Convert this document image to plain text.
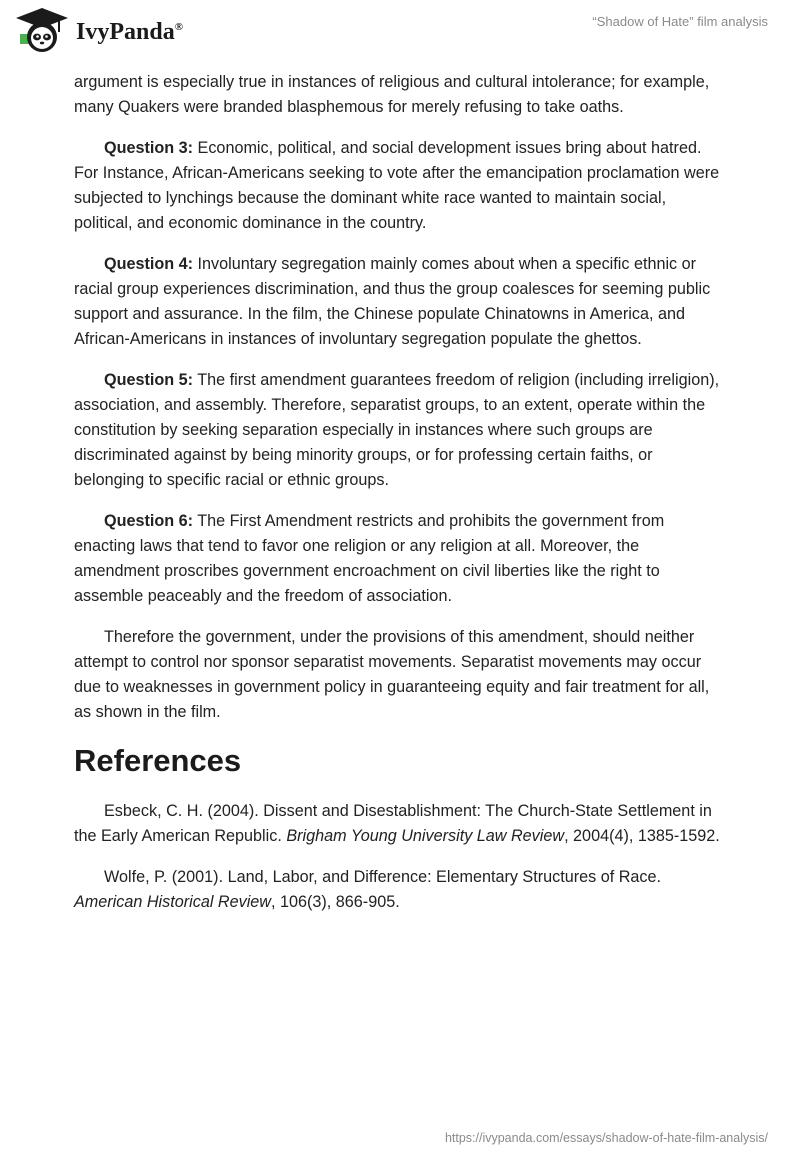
IvyPanda®	“Shadow of Hate” film analysis

argument is especially true in instances of religious and cultural intolerance; for example, many Quakers were branded blasphemous for merely refusing to take oaths.

Question 3: Economic, political, and social development issues bring about hatred. For Instance, African-Americans seeking to vote after the emancipation proclamation were subjected to lynchings because the dominant white race wanted to maintain social, political, and economic dominance in the country.

Question 4: Involuntary segregation mainly comes about when a specific ethnic or racial group experiences discrimination, and thus the group coalesces for seeming public support and assurance. In the film, the Chinese populate Chinatowns in America, and African-Americans in instances of involuntary segregation populate the ghettos.

Question 5: The first amendment guarantees freedom of religion (including irreligion), association, and assembly. Therefore, separatist groups, to an extent, operate within the constitution by seeking separation especially in instances where such groups are discriminated against by being minority groups, or for professing certain faiths, or belonging to specific racial or ethnic groups.

Question 6: The First Amendment restricts and prohibits the government from enacting laws that tend to favor one religion or any religion at all. Moreover, the amendment proscribes government encroachment on civil liberties like the right to assemble peaceably and the freedom of association.

Therefore the government, under the provisions of this amendment, should neither attempt to control nor sponsor separatist movements. Separatist movements may occur due to weaknesses in government policy in guaranteeing equity and fair treatment for all, as shown in the film.

References

Esbeck, C. H. (2004). Dissent and Disestablishment: The Church-State Settlement in the Early American Republic. Brigham Young University Law Review, 2004(4), 1385-1592.

Wolfe, P. (2001). Land, Labor, and Difference: Elementary Structures of Race. American Historical Review, 106(3), 866-905.

https://ivypanda.com/essays/shadow-of-hate-film-analysis/
